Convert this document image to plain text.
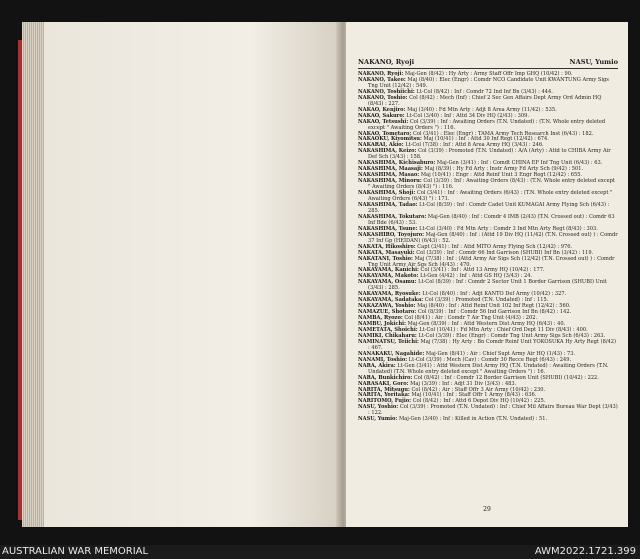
NAKANO, Ryoji	NASU, Yumio

NAKANO, Ryoji: Maj-Gen (8/42) : Hy Arty : Army Staff Offr Imp GHQ (10/42) : 90.

NAKANO, Takeo: Maj (8/40) : Elec (Engr) : Comdr NCO Candidate Unit KWANTUNG Army Sigs Tng Unit (12/42) : 549.

NAKANO, Toshiichi: Lt-Col (8/42) : Inf : Comdr 72 Ind Inf Bn (3/43) : 444.

NAKANO, Toshio: Col (8/42) : Mech (Inf) : Chief 2 Sec Gen Affairs Dept Army Ord Admin HQ (8/43) : 227.

NAKAO, Kenjiro: Maj (3/40) : Fd Mtn Arty : Adjt 8 Area Army (11/42) : 535.

NAKAO, Sakuro: Lt-Col (3/40) : Inf : Attd 34 Div HQ (2/43) : 309.

NAKAO, Tetsushi: Col (3/39) : Inf : Awaiting Orders (T.N. Undated) : (T.N. Whole entry deleted except " Awaiting Orders ") : 116.

NAKAO, Tometaro: Col (3/41) : Elec (Engr) : TAMA Army Tech Research Inst (6/43) : 182.

NAKAOKU, Kiyomitsu: Maj (10/41) : Inf : Attd 30 Inf Regt (12/42) : 674.

NAKARAI, Akio: Lt-Col (7/38) : Inf : Attd 8 Area Army HQ (3/43) : 246.

NAKASHIMA, Keizo: Col (3/39) : Promoted (T.N. Undated) : A/A (Arty) : Attd to CHIBA Army Air Def Sch (3/43) : 158.

NAKASHIMA, Kichisaburo: Maj-Gen (3/41) : Inf : Comdt CHINA EF Inf Tng Unit (6/43) : 63.

NAKASHIMA, Maasaji: Maj (8/39) : Hy Fd Arty : Instr Army Fd Arty Sch (9/42) : 501.

NAKASHIMA, Masao: Maj (10/41) : Engr : Attd Reinf Unit 3 Engr Regt (12/42) : 655.

NAKASHIMA, Minoru: Col (3/39) : Inf : Awaiting Orders (8/43) : (T.N. Whole entry deleted except " Awaiting Orders (8/43) ") : 116.

NAKASHIMA, Shoji: Col (3/41) : Inf : Awaiting Orders (6/43) : (T.N. Whole entry deleted except " Awaiting Orders (6/43) ") : 171.

NAKASHIMA, Tadao: Lt-Col (8/39) : Inf : Comdr Cadet Unit KUMAGAI Army Flying Sch (6/43) : 285.

NAKASHIMA, Tokutaro: Maj-Gen (8/40) : Inf : Comdr 4 IMB (2/43) (T.N. Crossed out) : Comdr 63 Inf Bde (6/43) : 53.

NAKASHIMA, Tsune: Lt-Col (3/40) : Fd Mtn Arty : Comdr 3 Ind Mtn Arty Regt (8/43) : 303.

NAKASHIRO, Toyojuro: Maj-Gen (8/40) : Inf : (Attd 19 Div HQ (11/42) (T.N. Crossed out) ) : Comdr 37 Inf Gp (HEIDAN) (6/43) : 52.

NAKATA, Hikoshiro: Capt (3/41) : Inf : Attd MITO Army Flying Sch (12/42) : 976.

NAKATA, Masayuki: Col (3/39) : Inf : Comdr 66 Ind Garrison (SHUBI) Inf Bn (3/42) : 119.

NAKATANI, Toshio: Maj (7/38) : Inf : (Attd Army Air Sigs Sch (12/42) (T.N. Crossed out) ) : Comdr Tng Unit Army Air Sgs Sch (4/43) : 470.

NAKAYAMA, Kanichi: Col (3/41) : Inf : Attd 13 Army HQ (10/42) : 177.

NAKAYAMA, Makoto: Lt-Gen (4/42) : Inf : Attd GS HQ (3/43) : 24.

NAKAYAMA, Osamu: Lt-Col (8/39) : Inf : Comdr 2 Sector Unit 1 Border Garrison (SHUBI) Unit (3/43) : 285.

NAKAYAMA, Ryosuke: Lt-Col (8/40) : Inf : Adjt KANTO Def Army (10/42) : 327.

NAKAYAMA, Sadataka: Col (3/39) : Promoted (T.N. Undated) : Inf : 115.

NAKAZAWA, Yoshio: Maj (8/40) : Inf : Attd Reinf Unit 102 Inf Regt (12/42) : 560.

NAMAZUE, Shotaro: Col (8/39) : Inf : Comdr 56 Ind Garrison Inf Bn (8/42) : 142.

NAMBA, Ryozo: Col (8/41) : Air : Comdr 7 Air Tng Unit (4/43) : 202.

NAMBU, Jokichi: Maj-Gen (8/39) : Inf : Attd Western Dist Army HQ (6/43) : 40.

NAMETATA, Shoichi: Lt-Col (10/41) : Fd Mtn Arty : Chief Ord Dept 11 Div (8/43) : 400.

NAMIKI, Chikaharu: Lt-Col (3/39) : Elec (Engr) : Comdr Tng Unit Army Sigs Sch (6/43) : 263.

NAMINATSU, Teiichi: Maj (7/38) : Hy Arty : Bn Comdr Reinf Unit YOKOSUKA Hy Arty Regt (8/42) : 467.

NANAKAKU, Nagahide: Maj-Gen (8/41) : Air : Chief Supt Army Air HQ (1/43) : 73.

NANAMI, Toshio: Lt-Col (3/39) : Mech (Cav) : Comdr 30 Recce Regt (6/43) : 249.

NARA, Akira: Lt-Gen (3/41) : Attd Western Dist Army HQ (T.N. Undated) : Awaiting Orders (T.N. Undated) (T.N. Whole entry deleted except " Awaiting Orders ") : 16.

NARA, Bunkichiro: Col (8/42) : Inf : Comdr 12 Border Garrison Unit (SHUBI) (10/42) : 222.

NARASAKI, Goro: Maj (3/39) : Inf : Adjt 31 Div (3/43) : 483.

NARITA, Mitsugu: Col (8/42) : Air : Staff Offr 3 Air Army (10/42) : 230.

NARITA, Yoritaka: Maj (10/41) : Inf : Staff Offr 1 Army (8/43) : 636.

NARITOMO, Fujio: Col (8/42) : Inf : Attd 6 Depot Div HQ (10/42) : 225.

NASU, Yoshio: Col (3/39) : Promoted (T.N. Undated) : Inf : Chief Mil Affairs Bureau War Dept (3/43) : 122.

NASU, Yumio: Maj-Gen (3/40) : Inf : Killed in Action (T.N. Undated) : 51.

29
AUSTRALIAN WAR MEMORIAL	AWM2022.1721.399
